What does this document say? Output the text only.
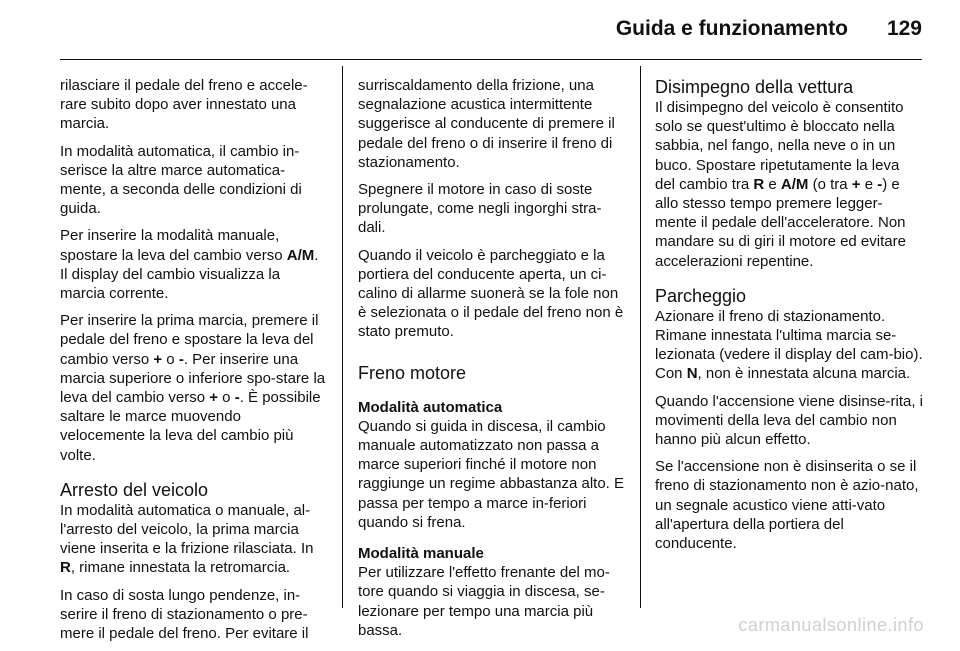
Guida e funzionamento 129

rilasciare il pedale del freno e accele-rare subito dopo aver innestato una marcia.

In modalità automatica, il cambio in-serisce la altre marce automatica-mente, a seconda delle condizioni di guida.

Per inserire la modalità manuale, spostare la leva del cambio verso A/M. Il display del cambio visualizza la marcia corrente.

Per inserire la prima marcia, premere il pedale del freno e spostare la leva del cambio verso + o -. Per inserire una marcia superiore o inferiore spo-stare la leva del cambio verso + o -. È possibile saltare le marce muovendo velocemente la leva del cambio più volte.

Arresto del veicolo

In modalità automatica o manuale, al-l'arresto del veicolo, la prima marcia viene inserita e la frizione rilasciata. In R, rimane innestata la retromarcia.

In caso di sosta lungo pendenze, in-serire il freno di stazionamento o pre-mere il pedale del freno. Per evitare il

surriscaldamento della frizione, una segnalazione acustica intermittente suggerisce al conducente di premere il pedale del freno o di inserire il freno di stazionamento.

Spegnere il motore in caso di soste prolungate, come negli ingorghi stra-dali.

Quando il veicolo è parcheggiato e la portiera del conducente aperta, un ci-calino di allarme suonerà se la fole non è selezionata o il pedale del freno non è stato premuto.

Freno motore
Modalità automatica

Quando si guida in discesa, il cambio manuale automatizzato non passa a marce superiori finché il motore non raggiunge un regime abbastanza alto. E passa per tempo a marce in-feriori quando si frena.

Modalità manuale

Per utilizzare l'effetto frenante del mo-tore quando si viaggia in discesa, se-lezionare per tempo una marcia più bassa.

Disimpegno della vettura

Il disimpegno del veicolo è consentito solo se quest'ultimo è bloccato nella sabbia, nel fango, nella neve o in un buco. Spostare ripetutamente la leva del cambio tra R e A/M (o tra + e -) e allo stesso tempo premere legger-mente il pedale dell'acceleratore. Non mandare su di giri il motore ed evitare accelerazioni repentine.

Parcheggio

Azionare il freno di stazionamento. Rimane innestata l'ultima marcia se-lezionata (vedere il display del cam-bio). Con N, non è innestata alcuna marcia.

Quando l'accensione viene disinse-rita, i movimenti della leva del cambio non hanno più alcun effetto.

Se l'accensione non è disinserita o se il freno di stazionamento non è azio-nato, un segnale acustico viene atti-vato all'apertura della portiera del conducente.

carmanualsonline.info
